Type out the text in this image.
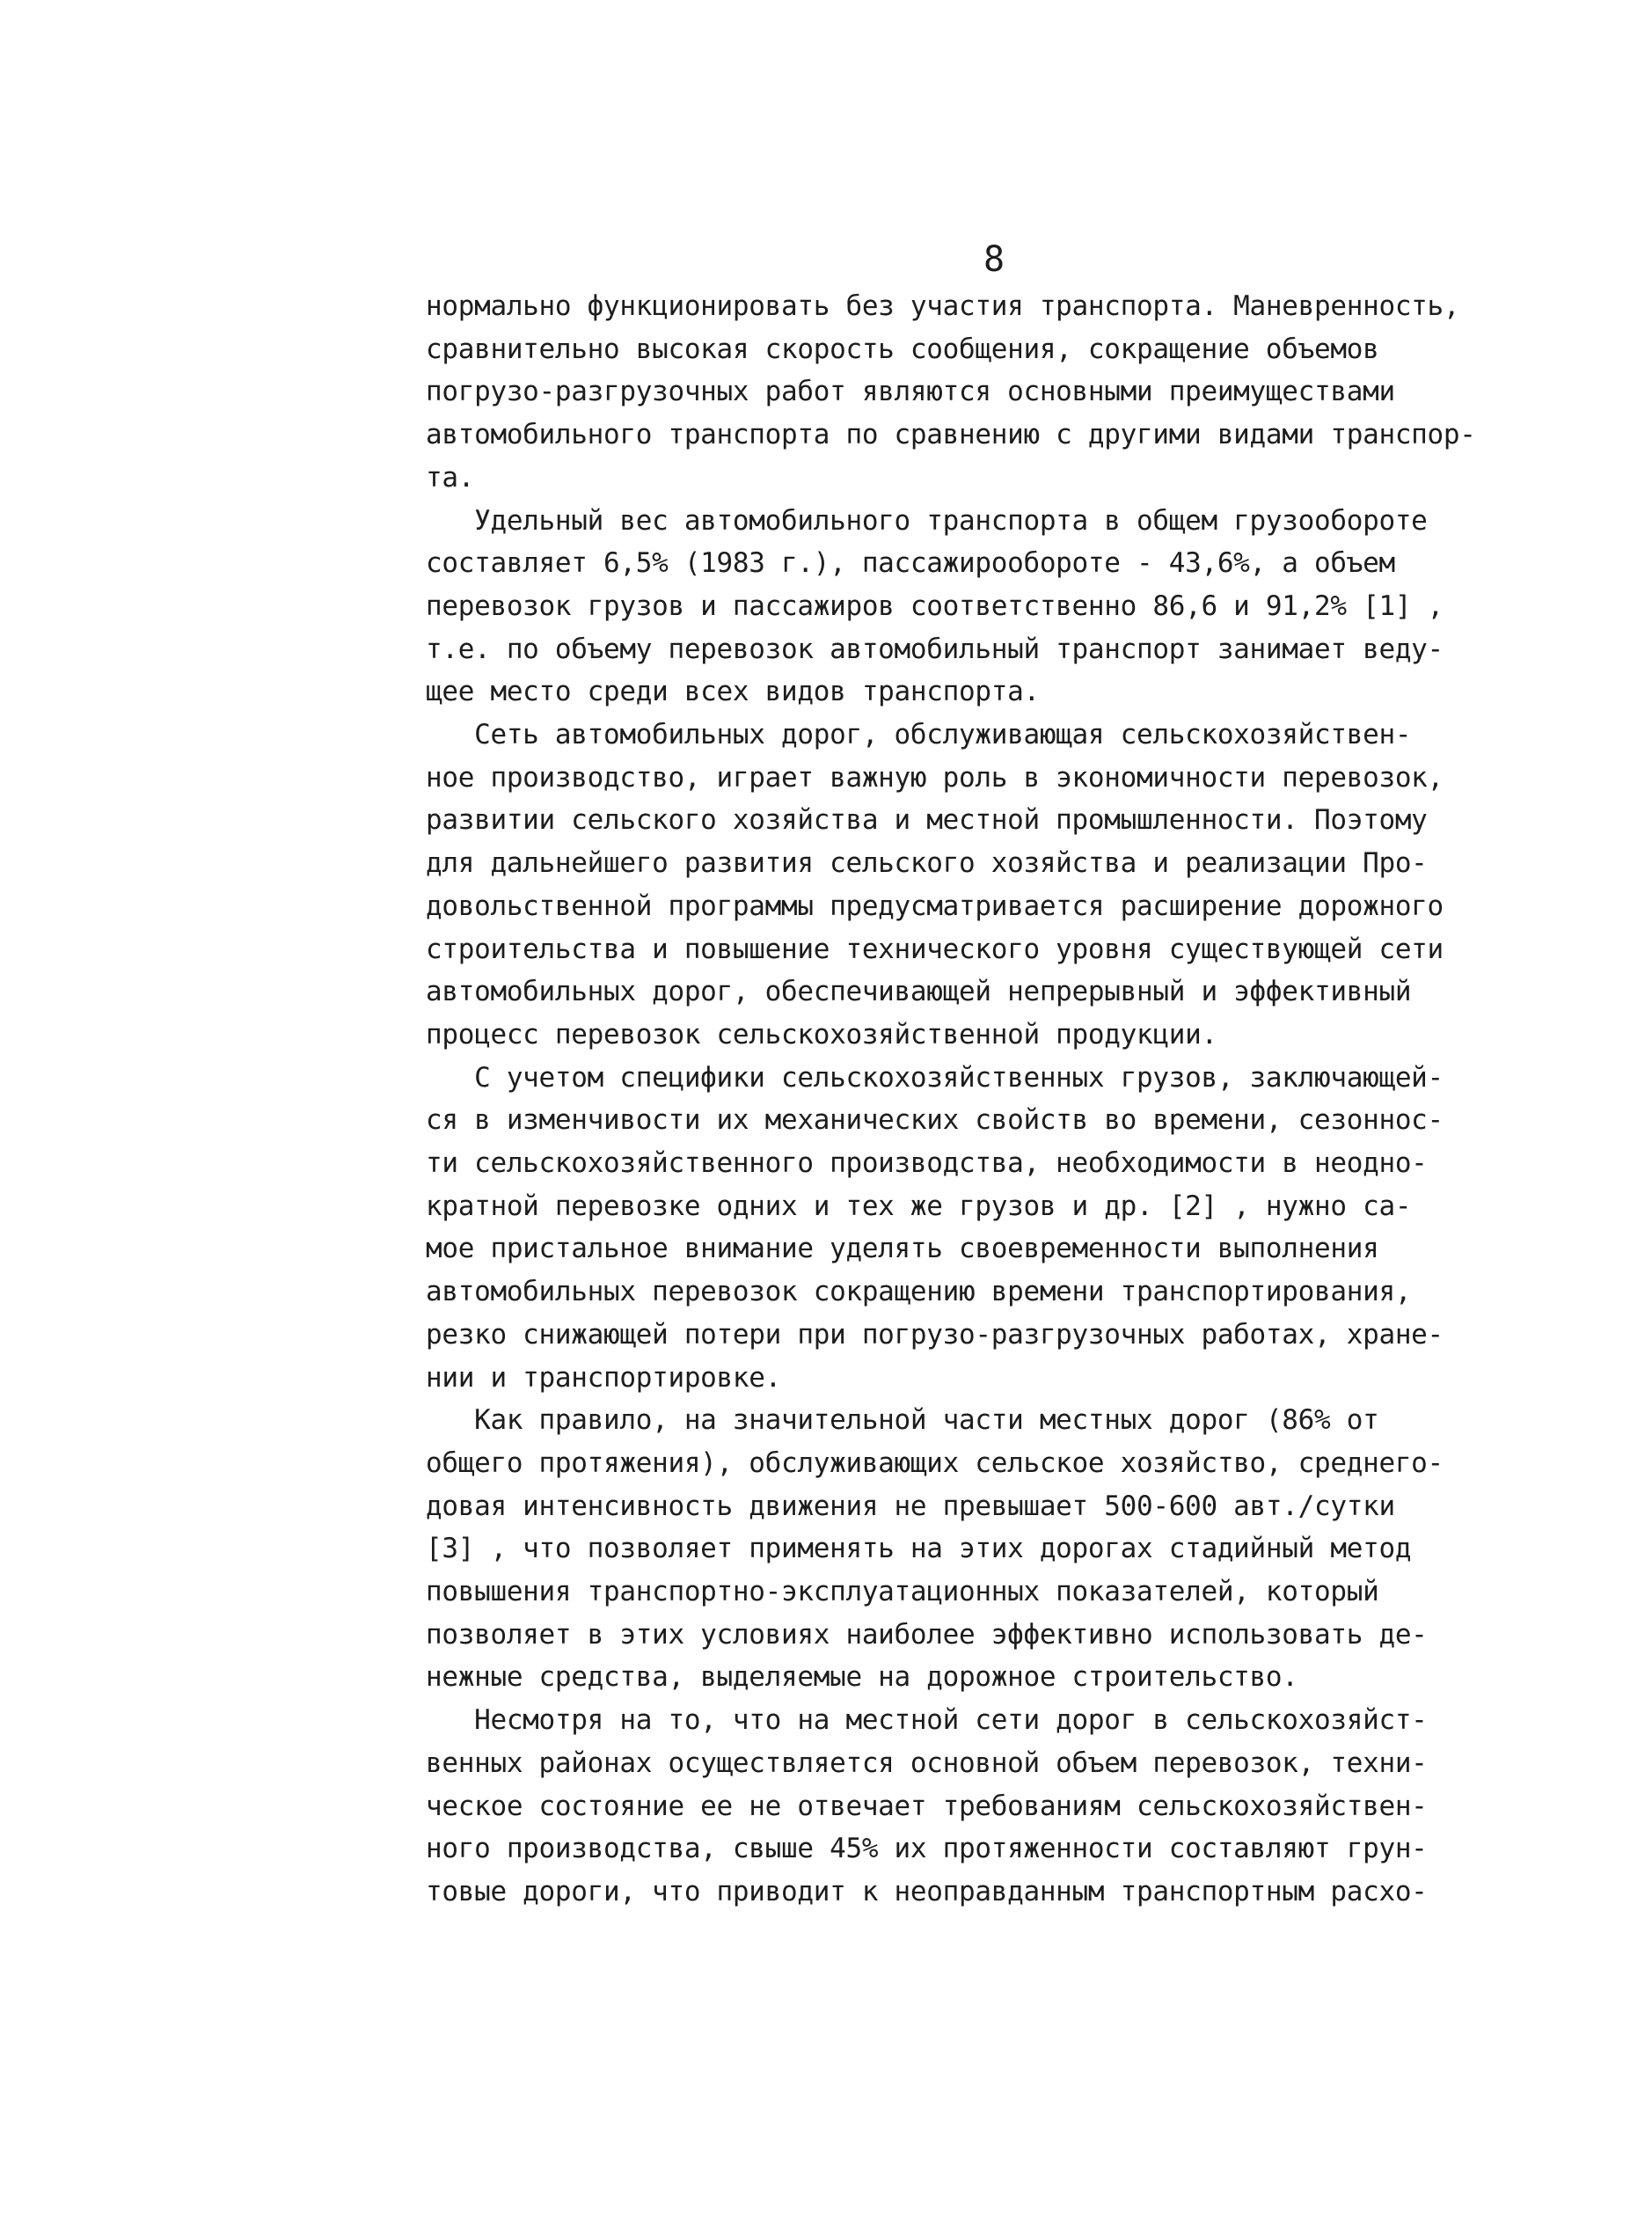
8
нормально функционировать без участия транспорта. Маневренность,
сравнительно высокая скорость сообщения, сокращение объемов
погрузо-разгрузочных работ являются основными преимуществами
автомобильного транспорта по сравнению с другими видами транспор-
та.
Удельный вес автомобильного транспорта в общем грузообороте
составляет 6,5% (1983 г.), пассажирообороте - 43,6%, а объем
перевозок грузов и пассажиров соответственно 86,6 и 91,2% [1] ,
т.е. по объему перевозок автомобильный транспорт занимает веду-
щее место среди всех видов транспорта.
Сеть автомобильных дорог, обслуживающая сельскохозяйствен-
ное производство, играет важную роль в экономичности перевозок,
развитии сельского хозяйства и местной промышленности. Поэтому
для дальнейшего развития сельского хозяйства и реализации Про-
довольственной программы предусматривается расширение дорожного
строительства и повышение технического уровня существующей сети
автомобильных дорог, обеспечивающей непрерывный и эффективный
процесс перевозок сельскохозяйственной продукции.
С учетом специфики сельскохозяйственных грузов, заключающей-
ся в изменчивости их механических свойств во времени, сезоннос-
ти сельскохозяйственного производства, необходимости в неодно-
кратной перевозке одних и тех же грузов и др. [2] , нужно са-
мое пристальное внимание уделять своевременности выполнения
автомобильных перевозок сокращению времени транспортирования,
резко снижающей потери при погрузо-разгрузочных работах, хране-
нии и транспортировке.
Как правило, на значительной части местных дорог (86% от
общего протяжения), обслуживающих сельское хозяйство, среднего-
довая интенсивность движения не превышает 500-600 авт./сутки
[3] , что позволяет применять на этих дорогах стадийный метод
повышения транспортно-эксплуатационных показателей, который
позволяет в этих условиях наиболее эффективно использовать де-
нежные средства, выделяемые на дорожное строительство.
Несмотря на то, что на местной сети дорог в сельскохозяйст-
венных районах осуществляется основной объем перевозок, техни-
ческое состояние ее не отвечает требованиям сельскохозяйствен-
ного производства, свыше 45% их протяженности составляют грун-
товые дороги, что приводит к неоправданным транспортным расхо-
